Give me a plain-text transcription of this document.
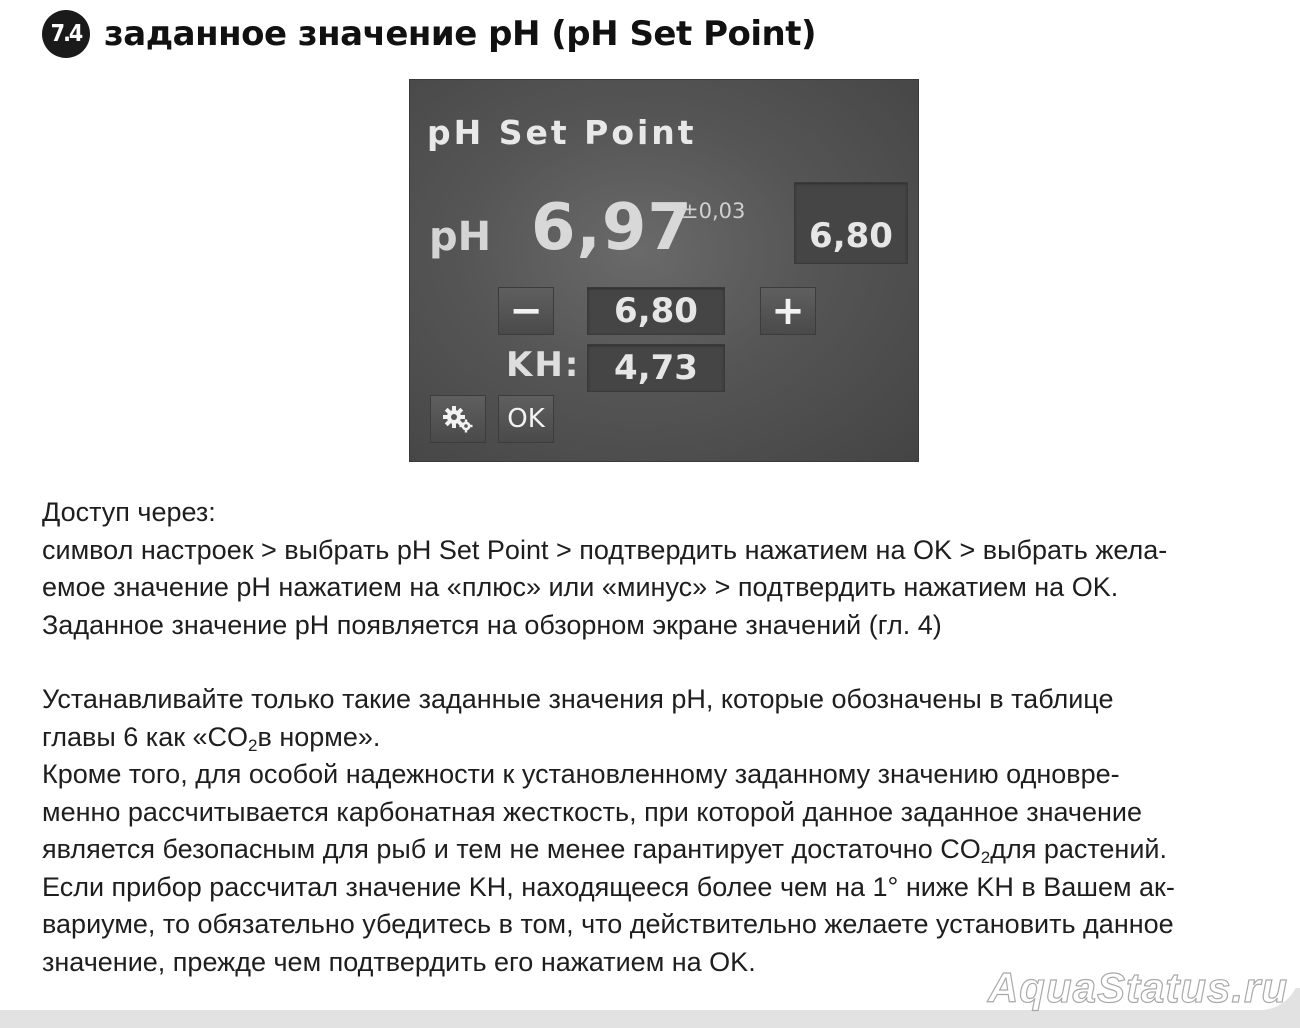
7.4 заданное значение pH (pH Set Point)
pH Set Point
pH 6,97
±0,03
6,80
−	6,80	+
KH: 4,73
OK

Доступ через:

символ настроек > выбрать pH Set Point > подтвердить нажатием на OK > выбрать жела-

емое значение pH нажатием на «плюс» или «минус» > подтвердить нажатием на OK.

Заданное значение pH появляется на обзорном экране значений (гл. 4)

Устанавливайте только такие заданные значения pH, которые обозначены в таблице

главы 6 как «$CO_2в$ норме».

Кроме того, для особой надежности к установленному заданному значению одновре-

менно рассчитывается карбонатная жесткость, при которой данное заданное значение

является безопасным для рыб и тем не менее гарантирует достаточно $CO_2для$ растений.

Если прибор рассчитал значение KH, находящееся более чем на 1° ниже KH в Вашем ак-

вариуме, то обязательно убедитесь в том, что действительно желаете установить данное

значение, прежде чем подтвердить его нажатием на OK.

AquaStatus.ru
